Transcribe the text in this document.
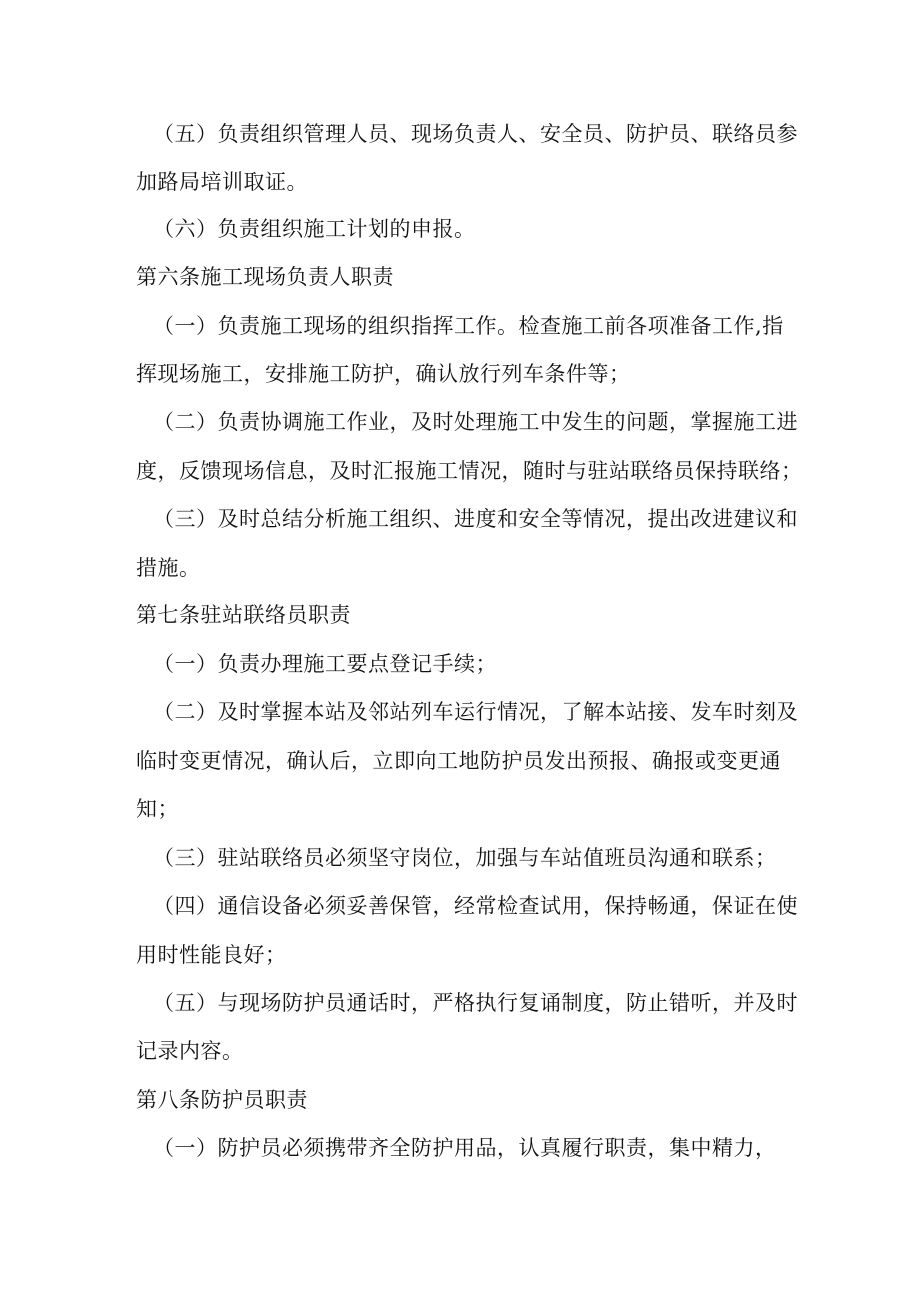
（五）负责组织管理人员、现场负责人、安全员、防护员、联络员参
加路局培训取证。
（六）负责组织施工计划的申报。
第六条施工现场负责人职责
（一）负责施工现场的组织指挥工作。检查施工前各项准备工作,指
挥现场施工，安排施工防护，确认放行列车条件等；
（二）负责协调施工作业，及时处理施工中发生的问题，掌握施工进
度，反馈现场信息，及时汇报施工情况，随时与驻站联络员保持联络；
（三）及时总结分析施工组织、进度和安全等情况，提出改进建议和
措施。
第七条驻站联络员职责
（一）负责办理施工要点登记手续；
（二）及时掌握本站及邻站列车运行情况，了解本站接、发车时刻及
临时变更情况，确认后，立即向工地防护员发出预报、确报或变更通
知；
（三）驻站联络员必须坚守岗位，加强与车站值班员沟通和联系；
（四）通信设备必须妥善保管，经常检查试用，保持畅通，保证在使
用时性能良好；
（五）与现场防护员通话时，严格执行复诵制度，防止错听，并及时
记录内容。
第八条防护员职责
（一）防护员必须携带齐全防护用品，认真履行职责，集中精力，
